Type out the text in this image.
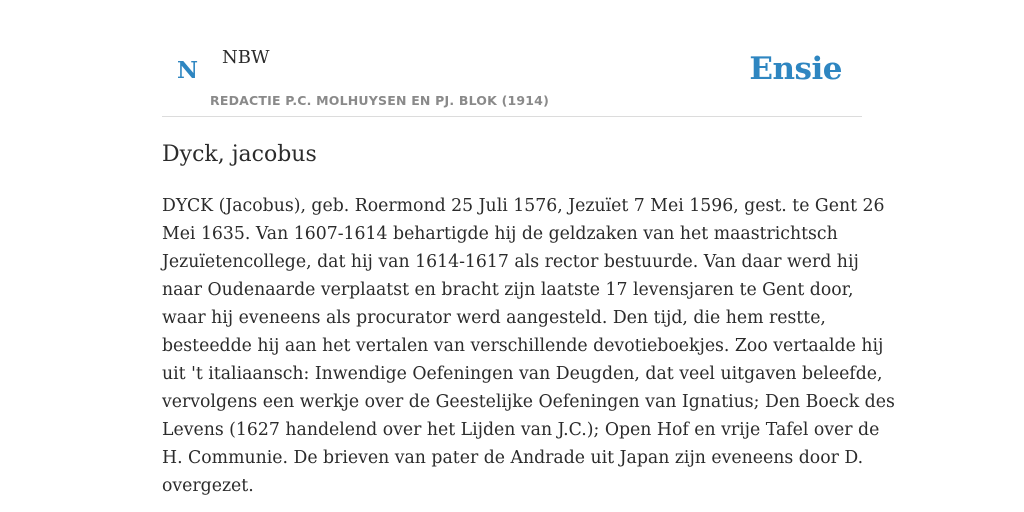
N NBW
REDACTIE P.C. MOLHUYSEN EN PJ. BLOK (1914)
Ensie
Dyck, jacobus

DYCK (Jacobus), geb. Roermond 25 Juli 1576, Jezuïet 7 Mei 1596, gest. te Gent 26
Mei 1635. Van 1607-1614 behartigde hij de geldzaken van het maastrichtsch
Jezuïetencollege, dat hij van 1614-1617 als rector bestuurde. Van daar werd hij
naar Oudenaarde verplaatst en bracht zijn laatste 17 levensjaren te Gent door,
waar hij eveneens als procurator werd aangesteld. Den tijd, die hem restte,
besteedde hij aan het vertalen van verschillende devotieboekjes. Zoo vertaalde hij
uit 't italiaansch: Inwendige Oefeningen van Deugden, dat veel uitgaven beleefde,
vervolgens een werkje over de Geestelijke Oefeningen van Ignatius; Den Boeck des
Levens (1627 handelend over het Lijden van J.C.); Open Hof en vrije Tafel over de
H. Communie. De brieven van pater de Andrade uit Japan zijn eveneens door D.
overgezet.
